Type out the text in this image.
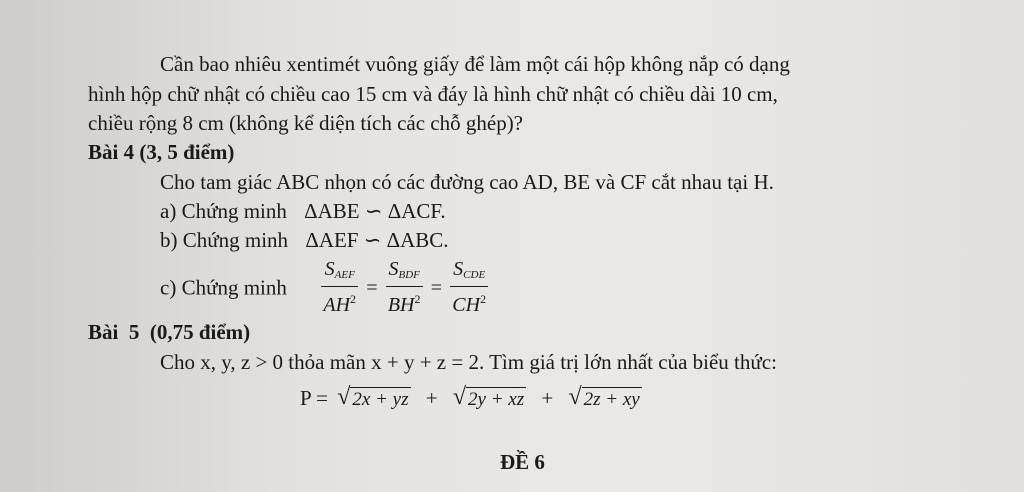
Cần bao nhiêu xentimét vuông giấy để làm một cái hộp không nắp có dạng
hình hộp chữ nhật có chiều cao 15 cm và đáy là hình chữ nhật có chiều dài 10 cm,
chiều rộng 8 cm (không kể diện tích các chỗ ghép)?
Bài 4 (3, 5 điểm)
Cho tam giác ABC nhọn có các đường cao AD, BE và CF cắt nhau tại H.
a) Chứng minh ΔABE ∽ ΔACF.
b) Chứng minh ΔAEF ∽ ΔABC.
c) Chứng minh $\frac{S_{AEF}}{AH^2} = \frac{S_{BDF}}{BH^2} = \frac{S_{CDE}}{CH^2}$
Bài  5  (0,75 điểm)
Cho x, y, z > 0 thỏa mãn x + y + z = 2. Tìm giá trị lớn nhất của biểu thức:
P = √ 2x + yz + √ 2y + xz + √ 2z + xy
ĐỀ 6
